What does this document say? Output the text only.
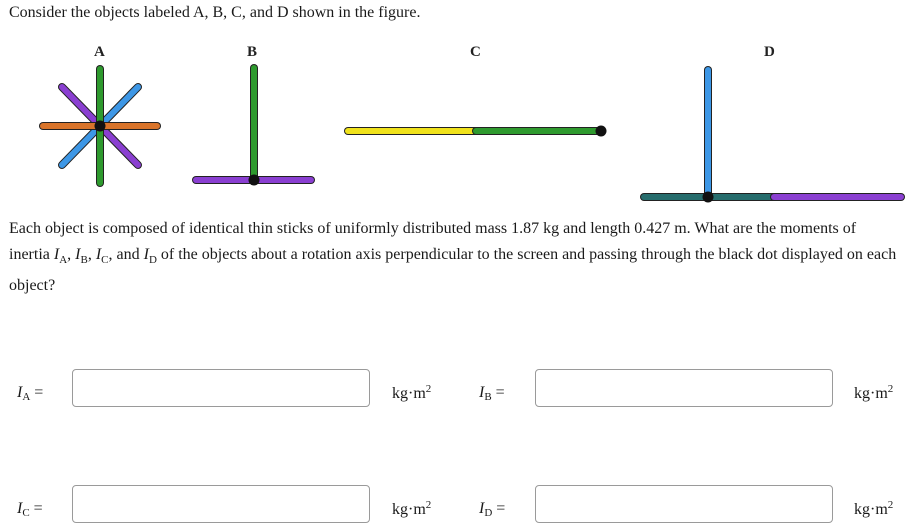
Consider the objects labeled A, B, C, and D shown in the figure.
A	B	C	D
Each object is composed of identical thin sticks of uniformly distributed mass 1.87 kg and length 0.427 m. What are the moments of inertia $I_A$, $I_B$, $I_C$, and $I_D$ of the objects about a rotation axis perpendicular to the screen and passing through the black dot displayed on each object?
$I_A$ =	$kg\cdot m^2$	$I_B$ =	$kg\cdot m^2$
$I_C$ =	$kg\cdot m^2$	$I_D$ =	$kg\cdot m^2$
